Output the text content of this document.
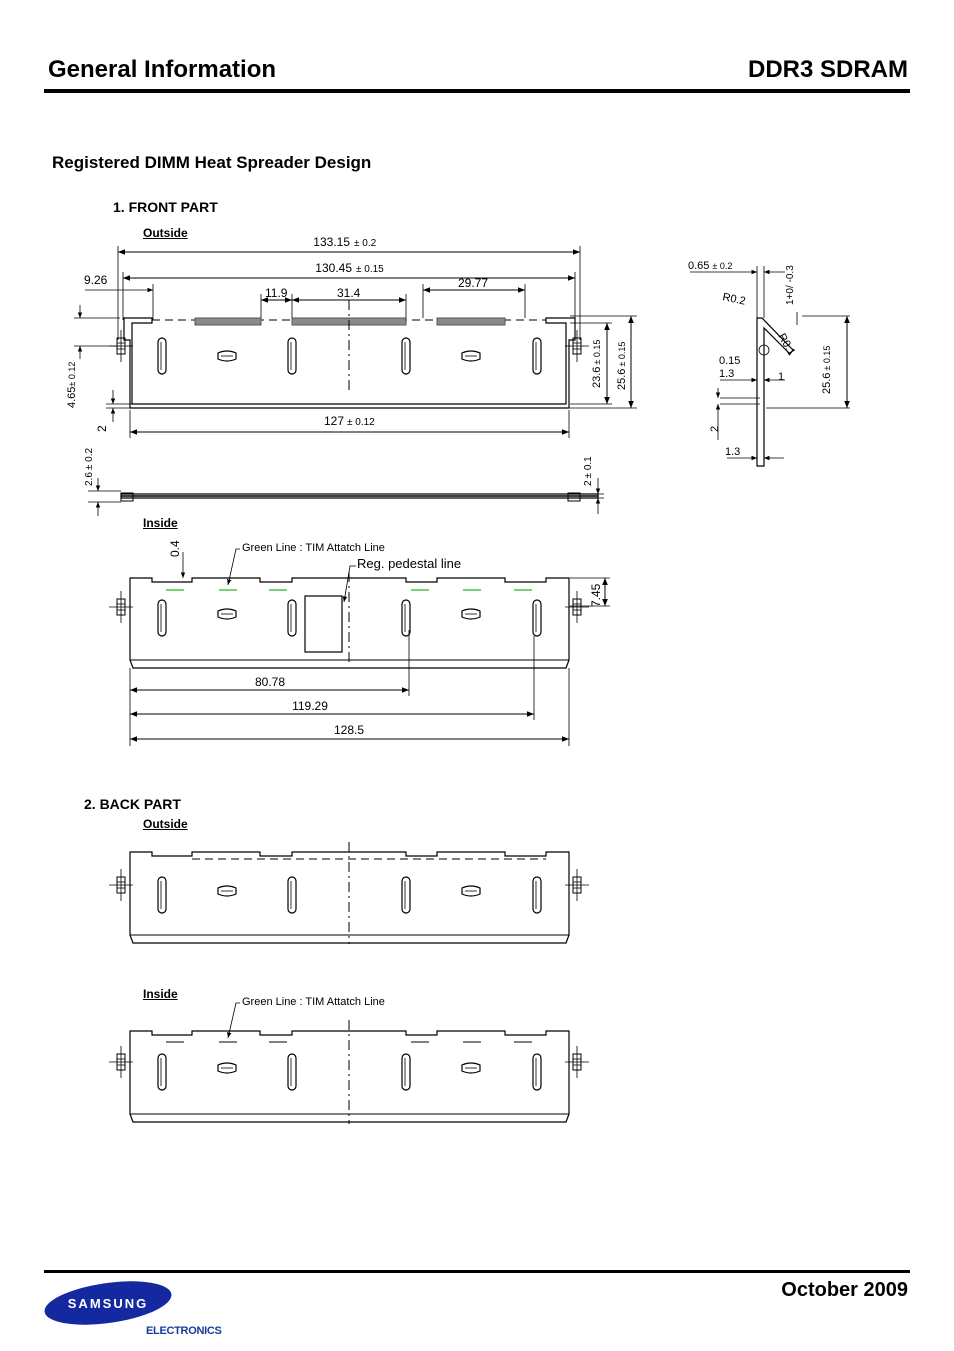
General Information	DDR3 SDRAM
Registered DIMM Heat Spreader Design
1. FRONT PART
Outside
Inside
2. BACK PART
Outside
Inside
133.15 ± 0.2
130.45 ± 0.15
9.26
11.9	31.4
29.77
4.65± 0.12
2
23.6± 0.15
25.6± 0.15
127 ± 0.12
2.6± 0.2
2± 0.1
0.65 ± 0.2	1+0/ -0.3
R0.2
R0.1
0.15
1.3	1
2
1.3
25.6± 0.15
Green Line : TIM Attatch Line
Reg. pedestal line
0.4
7.45
80.78
119.29
128.5
Green Line : TIM Attatch Line
October 2009
SAMSUNG
ELECTRONICS
